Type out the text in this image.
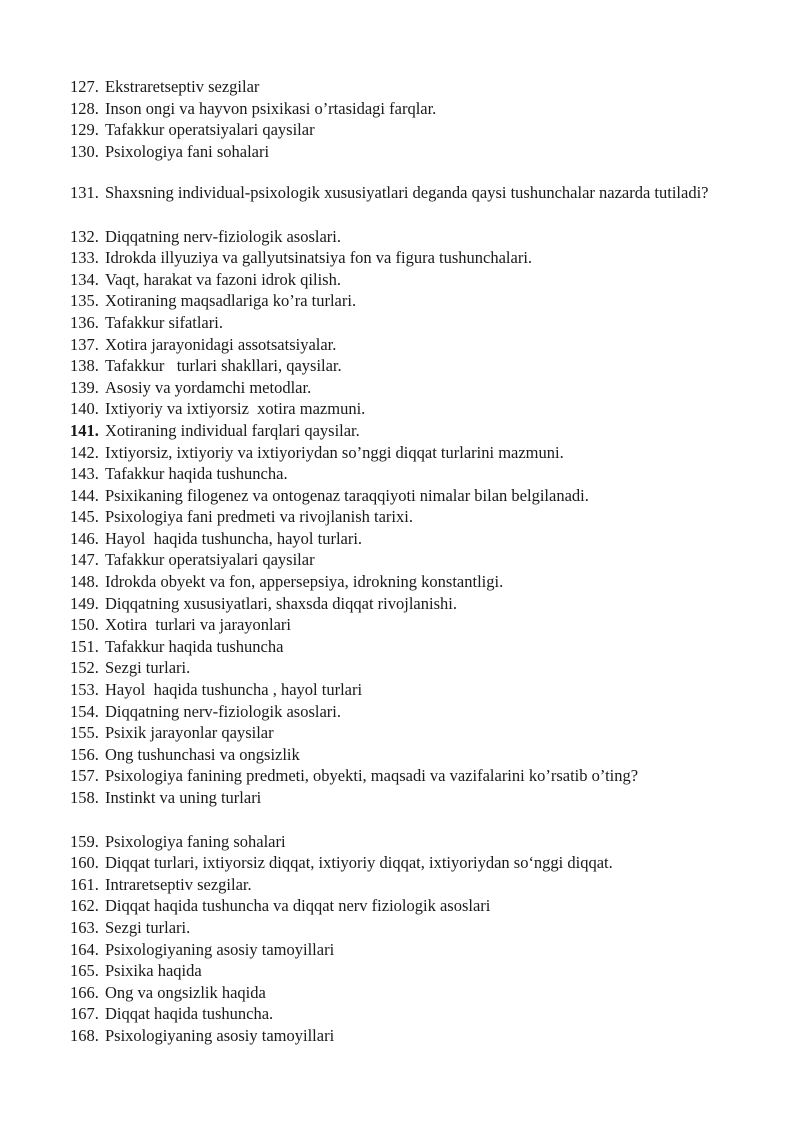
127. Ekstraretseptiv sezgilar
128. Inson ongi va hayvon psixikasi o’rtasidagi farqlar.
129. Tafakkur operatsiyalari qaysilar
130. Psixologiya fani sohalari
131. Shaxsning individual-psixologik xususiyatlari deganda qaysi tushunchalar nazarda tutiladi?
132. Diqqatning nerv-fiziologik asoslari.
133. Idrokda illyuziya va gallyutsinatsiya fon va figura tushunchalari.
134. Vaqt, harakat va fazoni idrok qilish.
135. Xotiraning maqsadlariga ko’ra turlari.
136. Tafakkur sifatlari.
137. Xotira jarayonidagi assotsatsiyalar.
138. Tafakkur   turlari shakllari, qaysilar.
139. Asosiy va yordamchi metodlar.
140. Ixtiyoriy va ixtiyorsiz  xotira mazmuni.
141. Xotiraning individual farqlari qaysilar.
142. Ixtiyorsiz, ixtiyoriy va ixtiyoriydan so’nggi diqqat turlarini mazmuni.
143. Tafakkur haqida tushuncha.
144. Psixikaning filogenez va ontogenaz taraqqiyoti nimalar bilan belgilanadi.
145. Psixologiya fani predmeti va rivojlanish tarixi.
146. Hayol  haqida tushuncha, hayol turlari.
147. Tafakkur operatsiyalari qaysilar
148. Idrokda obyekt va fon, appersepsiya, idrokning konstantligi.
149. Diqqatning xususiyatlari, shaxsda diqqat rivojlanishi.
150. Xotira  turlari va jarayonlari
151. Tafakkur haqida tushuncha
152. Sezgi turlari.
153. Hayol  haqida tushuncha , hayol turlari
154. Diqqatning nerv-fiziologik asoslari.
155. Psixik jarayonlar qaysilar
156. Ong tushunchasi va ongsizlik
157. Psixologiya fanining predmeti, obyekti, maqsadi va vazifalarini ko’rsatib o’ting?
158. Instinkt va uning turlari
159. Psixologiya faning sohalari
160. Diqqat turlari, ixtiyorsiz diqqat, ixtiyoriy diqqat, ixtiyoriydan so‘nggi diqqat.
161. Intraretseptiv sezgilar.
162. Diqqat haqida tushuncha va diqqat nerv fiziologik asoslari
163. Sezgi turlari.
164. Psixologiyaning asosiy tamoyillari
165. Psixika haqida
166. Ong va ongsizlik haqida
167. Diqqat haqida tushuncha.
168. Psixologiyaning asosiy tamoyillari
